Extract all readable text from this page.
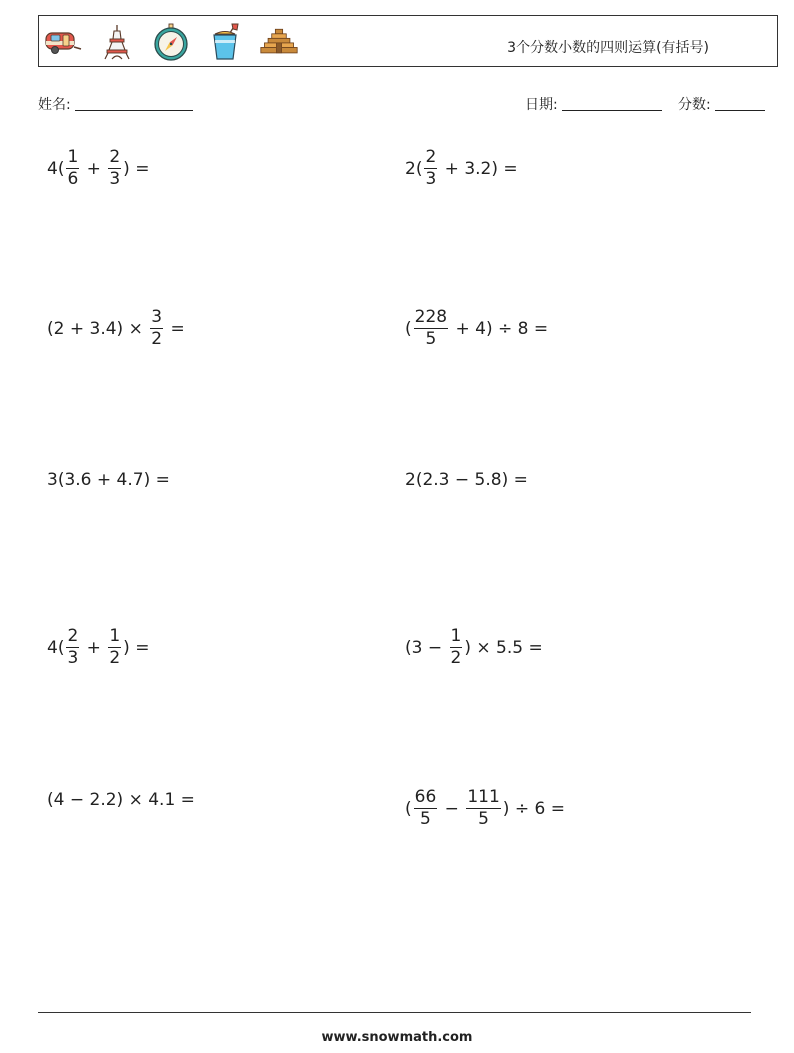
3个分数小数的四则运算(有括号)
姓名:	日期:	分数:
$4( \frac{1}{6} + \frac{2}{3}$ ) =	$2( \frac{2}{3} + 3.2)$ =
$(2 + 3.4) \times \frac{3}{2}$ =	( $\frac{228}{5} + 4) \div 8$ =
3(3.6 + 4.7) =	2(2.3 − 5.8) =
$4( \frac{2}{3} + \frac{1}{2}$ ) =	($3 - \frac{1}{2}$ ) × 5.5 =
(4 − 2.2) × 4.1 =	( $\frac{66}{5} - \frac{111}{5}$ ) ÷ 6 =
www.snowmath.com
